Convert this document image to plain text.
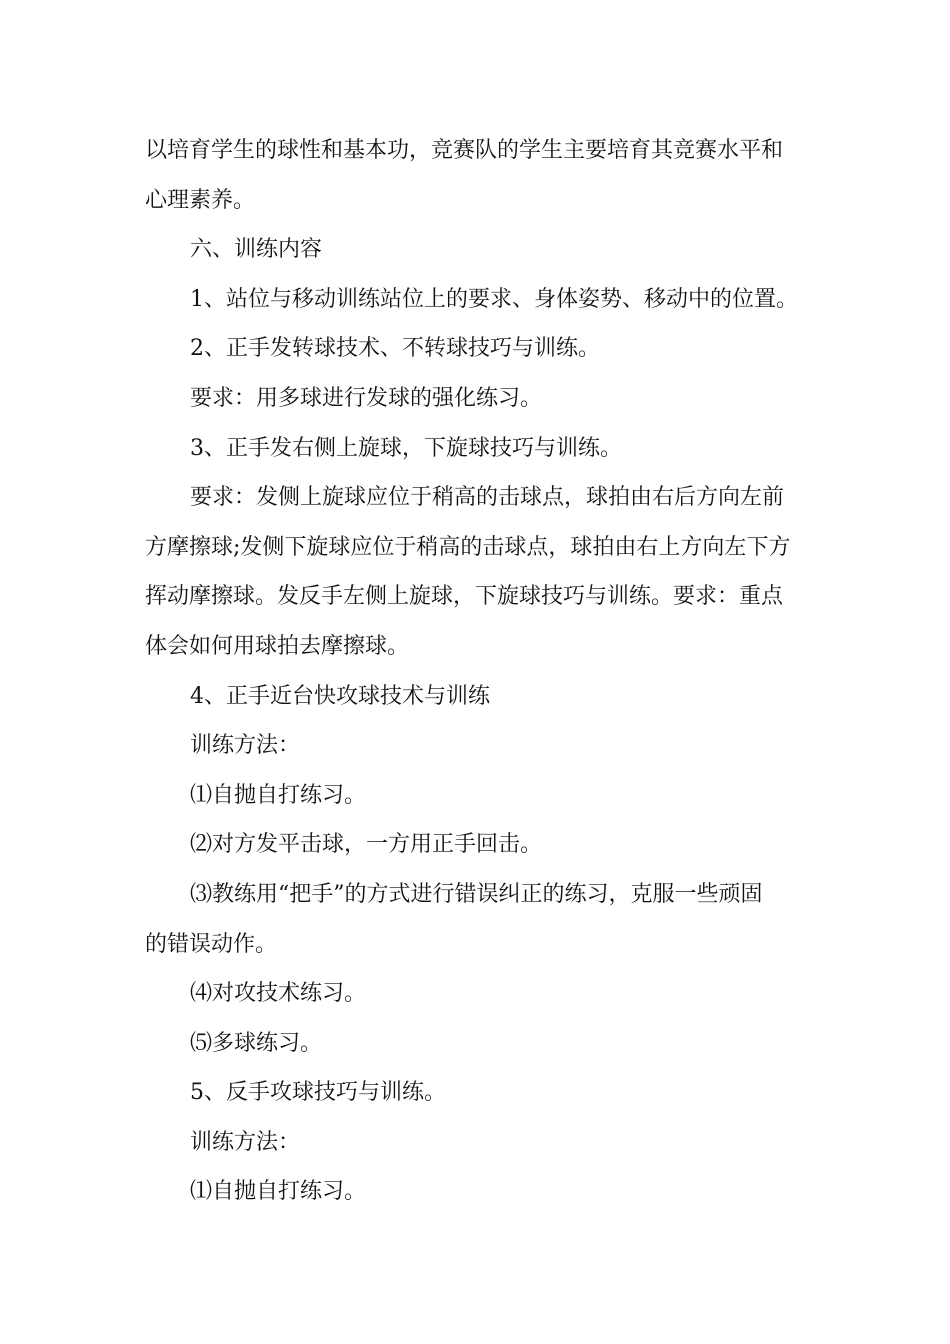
以培育学生的球性和基本功，竞赛队的学生主要培育其竞赛水平和
心理素养。
六、训练内容
1、站位与移动训练站位上的要求、身体姿势、移动中的位置。
2、正手发转球技术、不转球技巧与训练。
要求：用多球进行发球的强化练习。
3、正手发右侧上旋球，下旋球技巧与训练。
要求：发侧上旋球应位于稍高的击球点，球拍由右后方向左前
方摩擦球;发侧下旋球应位于稍高的击球点，球拍由右上方向左下方
挥动摩擦球。发反手左侧上旋球，下旋球技巧与训练。要求：重点
体会如何用球拍去摩擦球。
4、正手近台快攻球技术与训练
训练方法：
⑴自抛自打练习。
⑵对方发平击球，一方用正手回击。
⑶教练用“把手”的方式进行错误纠正的练习，克服一些顽固
的错误动作。
⑷对攻技术练习。
⑸多球练习。
5、反手攻球技巧与训练。
训练方法：
⑴自抛自打练习。
